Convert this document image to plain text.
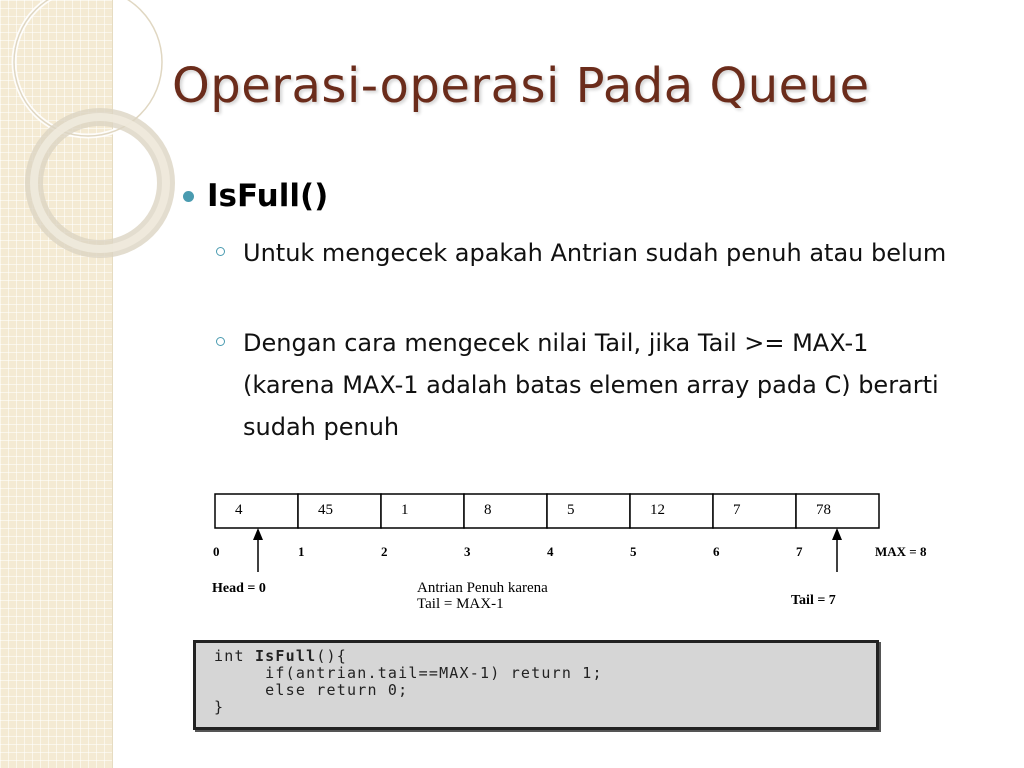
Operasi-operasi Pada Queue
IsFull()
Untuk mengecek apakah Antrian sudah penuh atau belum
Dengan cara mengecek nilai Tail, jika Tail >= MAX-1 (karena MAX-1 adalah batas elemen array pada C) berarti sudah penuh
4	45	1	8	5	12	7	78
0	1	2	3	4	5	6	7	MAX = 8
Head = 0	Antrian Penuh karena
Tail = MAX-1	Tail = 7
int IsFull(){
if(antrian.tail==MAX-1) return 1;
else return 0;
}
